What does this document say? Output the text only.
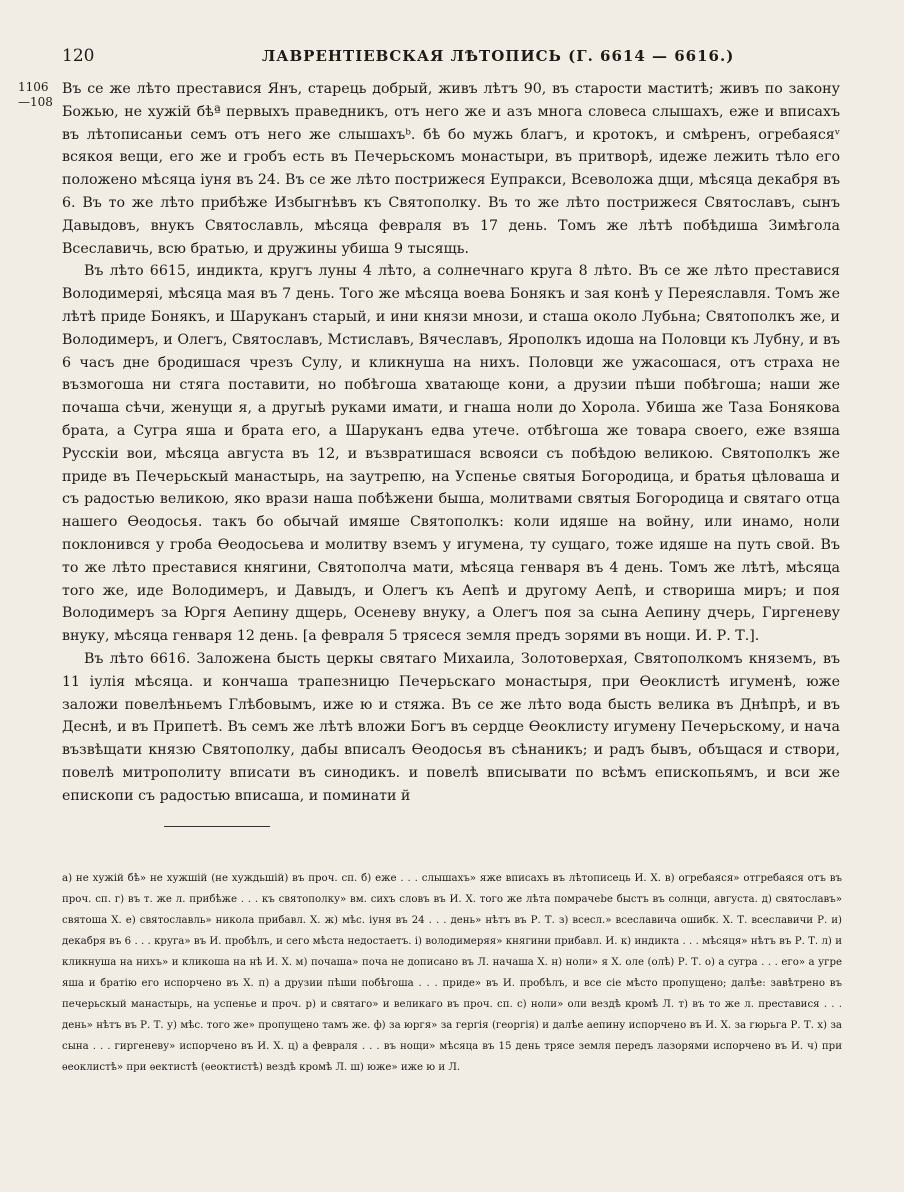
120	ЛАВРЕНТІЕВСКАЯ ЛѢТОПИСЬ (Г. 6614 — 6616.)
1106
—108

Въ се же лѣто преставися Янъ, старець добрый, живъ лѣтъ 90, въ старости маститѣ; живъ по закону Божью, не хужій бѣª первыхъ праведникъ, отъ него же и азъ многа словеса слышахъ, еже и вписахъ въ лѣтописаньи семъ отъ него же слышахъᵇ. бѣ бо мужь благъ, и кротокъ, и смѣренъ, огребаясяᵛ всякоя вещи, его же и гробъ есть въ Печерьскомъ монастыри, въ притворѣ, идеже лежить тѣло его положено мѣсяца іуня въ 24. Въ се же лѣто пострижеся Еупракси, Всеволожа дщи, мѣсяца декабря въ 6. Въ то же лѣто прибѣже Избыгнѣвъ къ Святополку. Въ то же лѣто пострижеся Святославъ, сынъ Давыдовъ, внукъ Святославль, мѣсяца февраля въ 17 день. Томъ же лѣтѣ побѣдиша Зимѣгола Всеславичь, всю братью, и дружины убиша 9 тысящь.

Въ лѣто 6615, индикта, кругъ луны 4 лѣто, а солнечнаго круга 8 лѣто. Въ се же лѣто преставися Володимеряі, мѣсяца мая въ 7 день. Того же мѣсяца воева Бонякъ и зая конѣ у Переяславля. Томъ же лѣтѣ приде Бонякъ, и Шаруканъ старый, и ини князи мнози, и сташа около Лубьна; Святополкъ же, и Володимеръ, и Олегъ, Святославъ, Мстиславъ, Вячеславъ, Ярополкъ идоша на Половци къ Лубну, и въ 6 часъ дне бродишася чрезъ Сулу, и кликнуша на нихъ. Половци же ужасошася, отъ страха не възмогоша ни стяга поставити, но побѣгоша хватающе кони, а друзии пѣши побѣгоша; наши же почаша сѣчи, женущи я, а другыѣ руками имати, и гнаша ноли до Хорола. Убиша же Таза Бонякова брата, а Сугра яша и брата его, а Шаруканъ едва утече. отбѣгоша же товара своего, еже взяша Русскіи вои, мѣсяца августа въ 12, и възвратишася всвояси съ побѣдою великою. Святополкъ же приде въ Печерьскый манастырь, на заутрепю, на Успенье святыя Богородица, и братья цѣловаша и съ радостью великою, яко врази наша побѣжени быша, молитвами святыя Богородица и святаго отца нашего Ѳеодосья. такъ бо обычай имяше Святополкъ: коли идяше на войну, или инамо, ноли поклонився у гроба Ѳеодосьева и молитву вземъ у игумена, ту сущаго, тоже идяше на путь свой. Въ то же лѣто преставися княгини, Святополча мати, мѣсяца генваря въ 4 день. Томъ же лѣтѣ, мѣсяца того же, иде Володимеръ, и Давыдъ, и Олегъ къ Аепѣ и другому Аепѣ, и створиша миръ; и поя Володимеръ за Юргя Аепину дщерь, Осеневу внуку, а Олегъ поя за сына Аепину дчерь, Гиргеневу внуку, мѣсяца генваря 12 день. [а февраля 5 трясеся земля предъ зорями въ нощи. И. Р. Т.].

Въ лѣто 6616. Заложена бысть церкы святаго Михаила, Золотоверхая, Святополкомъ княземъ, въ 11 іулія мѣсяца. и кончаша трапезницю Печерьскаго монастыря, при Ѳеоклистѣ игуменѣ, юже заложи повелѣньемъ Глѣбовымъ, иже ю и стяжа. Въ се же лѣто вода бысть велика въ Днѣпрѣ, и въ Деснѣ, и въ Припетѣ. Въ семъ же лѣтѣ вложи Богъ въ сердце Ѳеоклисту игумену Печерьскому, и нача възвѣщати князю Святополку, дабы вписалъ Ѳеодосья въ сѣнаникъ; и радъ бывъ, объщася и створи, повелѣ митрополиту вписати въ синодикъ. и повелѣ вписывати по всѣмъ епископьямъ, и вси же епископи съ радостью вписаша, и поминати й

а) не хужій бѣ» не хужшій (не хуждьшій) въ проч. сп. б) еже . . . слышахъ» яже вписахъ въ лѣтописець И. Х. в) огребаяся» отгребаяся отъ въ проч. сп. г) въ т. же л. прибѣже . . . къ святополку» вм. сихъ словъ въ И. Х. того же лѣта помрачеbe быстъ въ солнци, августа. д) святославъ» святоша Х. е) святославль» никола прибавл. Х. ж) мѣс. іуня въ 24 . . . день» нѣтъ въ Р. Т. з) всесл.» всеславича ошибк. Х. Т. всеславичи Р. и) декабря въ 6 . . . круга» въ И. пробѣлъ, и сего мѣста недостаетъ. і) володимеряя» княгини прибавл. И. к) индикта . . . мѣсяця» нѣтъ въ Р. Т. л) и кликнуша на нихъ» и кликоша на нѣ И. Х. м) почаша» поча не дописано въ Л. начаша Х. н) ноли» я Х. оле (олѣ) Р. Т. о) а сугра . . . его» а угре яша и братію его испорчено въ Х. п) а друзии пѣши побѣгоша . . . приде» въ И. пробѣлъ, и все сіе мѣсто пропущено; далѣе: завѣтрено въ печерьскый манастырь, на успенье и проч. р) и святаго» и великаго въ проч. сп. с) ноли» оли вездѣ кромѣ Л. т) въ то же л. преставися . . . день» нѣтъ въ Р. Т. у) мѣс. того же» пропущено тамъ же. ф) за юргя» за гергія (георгія) и далѣе аепину испорчено въ И. Х. за гюрьга Р. Т. х) за сына . . . гиргеневу» испорчено въ И. Х. ц) а февраля . . . въ нощи» мѣсяца въ 15 день трясе земля передъ лазорями испорчено въ И. ч) при ѳеоклистѣ» при ѳектистѣ (ѳеоктистѣ) вездѣ кромѣ Л. ш) юже» иже ю и Л.
